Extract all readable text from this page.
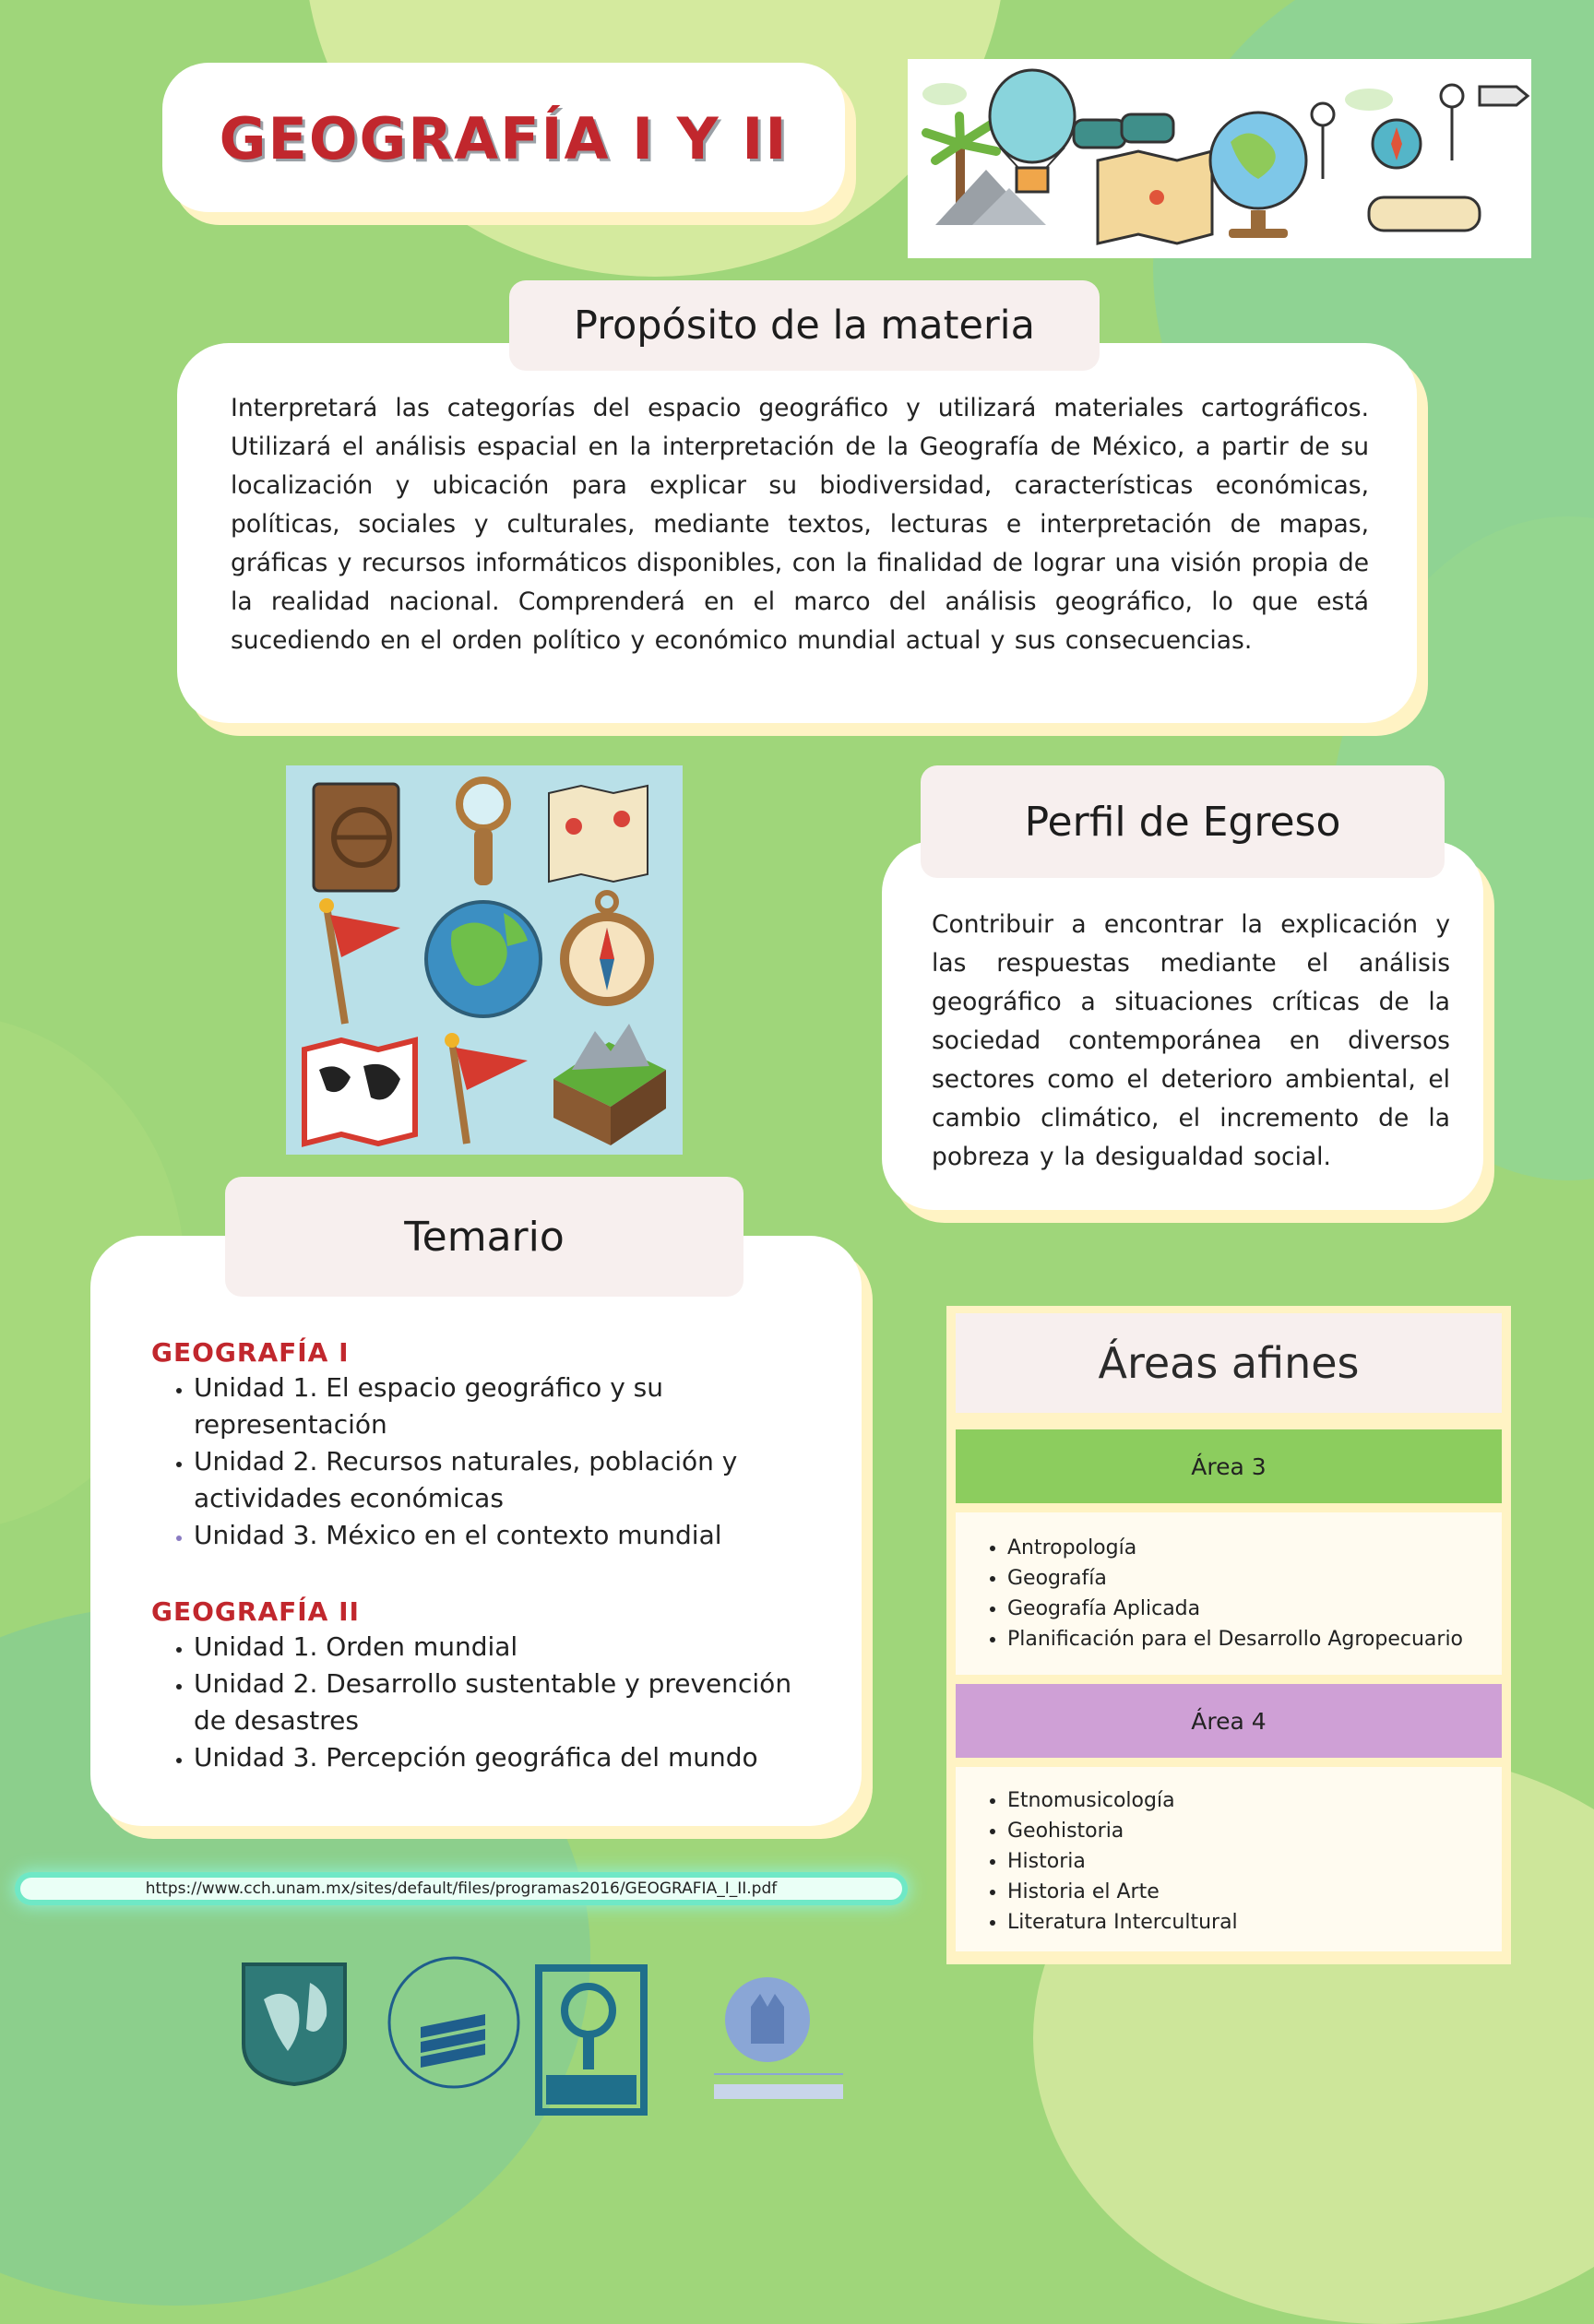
GEOGRAFÍA I Y II
Interpretará las categorías del espacio geográfico y utilizará materiales cartográficos. Utilizará el análisis espacial en la interpretación de la Geografía de México, a partir de su localización y ubicación para explicar su biodiversidad, características económicas, políticas, sociales y culturales, mediante textos, lecturas e interpretación de mapas, gráficas y recursos informáticos disponibles, con la finalidad de lograr una visión propia de la realidad nacional. Comprenderá en el marco del análisis geográfico, lo que está sucediendo en el orden político y económico mundial actual y sus consecuencias.
Propósito de la materia
Contribuir a encontrar la explicación y las respuestas mediante el análisis geográfico a situaciones críticas de la sociedad contemporánea en diversos sectores como el deterioro ambiental, el cambio climático, el incremento de la pobreza y la desigualdad social.
Perfil de Egreso
GEOGRAFÍA I
• Unidad 1. El espacio geográfico y su representación
• Unidad 2. Recursos naturales, población y actividades económicas
• Unidad 3. México en el contexto mundial
GEOGRAFÍA II
• Unidad 1. Orden mundial
• Unidad 2. Desarrollo sustentable y prevención de desastres
• Unidad 3. Percepción geográfica del mundo
Temario
Áreas afines
Área 3
• Antropología
• Geografía
• Geografía Aplicada
• Planificación para el Desarrollo Agropecuario
Área 4
• Etnomusicología
• Geohistoria
• Historia
• Historia el Arte
• Literatura Intercultural
https://www.cch.unam.mx/sites/default/files/programas2016/GEOGRAFIA_I_II.pdf
